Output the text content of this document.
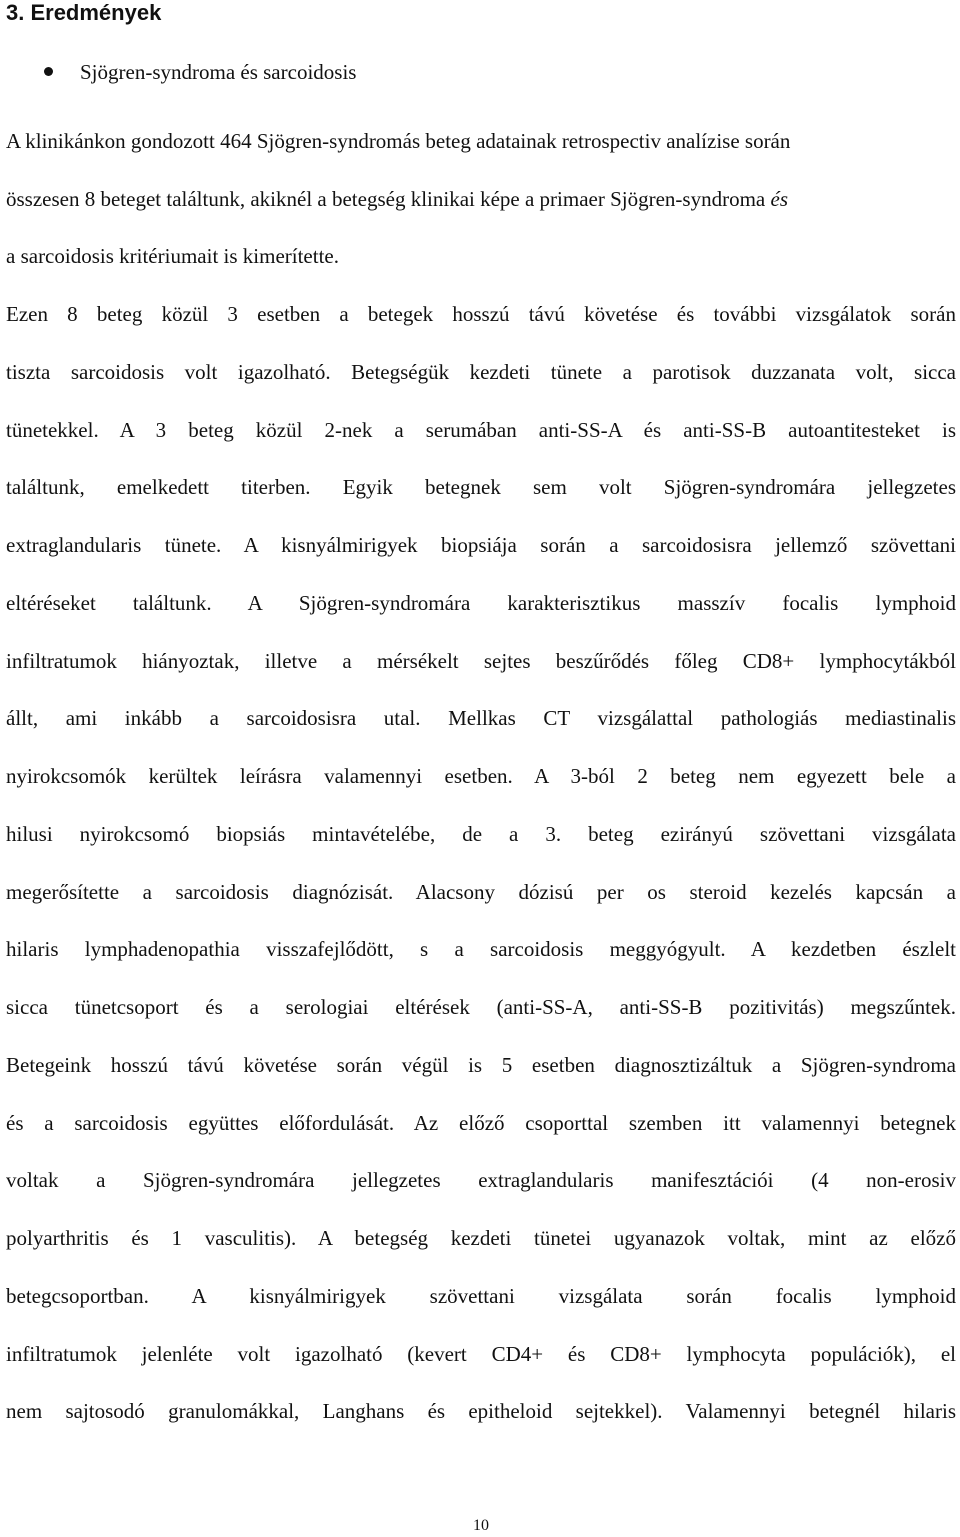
3. Eredmények
Sjögren-syndroma és sarcoidosis
A klinikánkon gondozott 464 Sjögren-syndromás beteg adatainak retrospectiv analízise során
összesen 8 beteget találtunk, akiknél a betegség klinikai képe a primaer Sjögren-syndroma és
a sarcoidosis kritériumait is kimerítette.
Ezen 8 beteg közül 3 esetben a betegek hosszú távú követése és további vizsgálatok során
tiszta sarcoidosis volt igazolható. Betegségük kezdeti tünete a parotisok duzzanata volt, sicca
tünetekkel. A 3 beteg közül 2-nek a serumában anti-SS-A és anti-SS-B autoantitesteket is
találtunk, emelkedett titerben. Egyik betegnek sem volt Sjögren-syndromára jellegzetes
extraglandularis tünete. A kisnyálmirigyek biopsiája során a sarcoidosisra jellemző szövettani
eltéréseket találtunk. A Sjögren-syndromára karakterisztikus masszív focalis lymphoid
infiltratumok hiányoztak, illetve a mérsékelt sejtes beszűrődés főleg CD8+ lymphocytákból
állt, ami inkább a sarcoidosisra utal. Mellkas CT vizsgálattal pathologiás mediastinalis
nyirokcsomók kerültek leírásra valamennyi esetben. A 3-ból 2 beteg nem egyezett bele a
hilusi nyirokcsomó biopsiás mintavételébe, de a 3. beteg ezirányú szövettani vizsgálata
megerősítette a sarcoidosis diagnózisát. Alacsony dózisú per os steroid kezelés kapcsán a
hilaris lymphadenopathia visszafejlődött, s a sarcoidosis meggyógyult. A kezdetben észlelt
sicca tünetcsoport és a serologiai eltérések (anti-SS-A, anti-SS-B pozitivitás) megszűntek.
Betegeink hosszú távú követése során végül is 5 esetben diagnosztizáltuk a Sjögren-syndroma
és a sarcoidosis együttes előfordulását. Az előző csoporttal szemben itt valamennyi betegnek
voltak a Sjögren-syndromára jellegzetes extraglandularis manifesztációi (4 non-erosiv
polyarthritis és 1 vasculitis). A betegség kezdeti tünetei ugyanazok voltak, mint az előző
betegcsoportban. A kisnyálmirigyek szövettani vizsgálata során focalis lymphoid
infiltratumok jelenléte volt igazolható (kevert CD4+ és CD8+ lymphocyta populációk), el
nem sajtosodó granulomákkal, Langhans és epitheloid sejtekkel). Valamennyi betegnél hilaris
10
